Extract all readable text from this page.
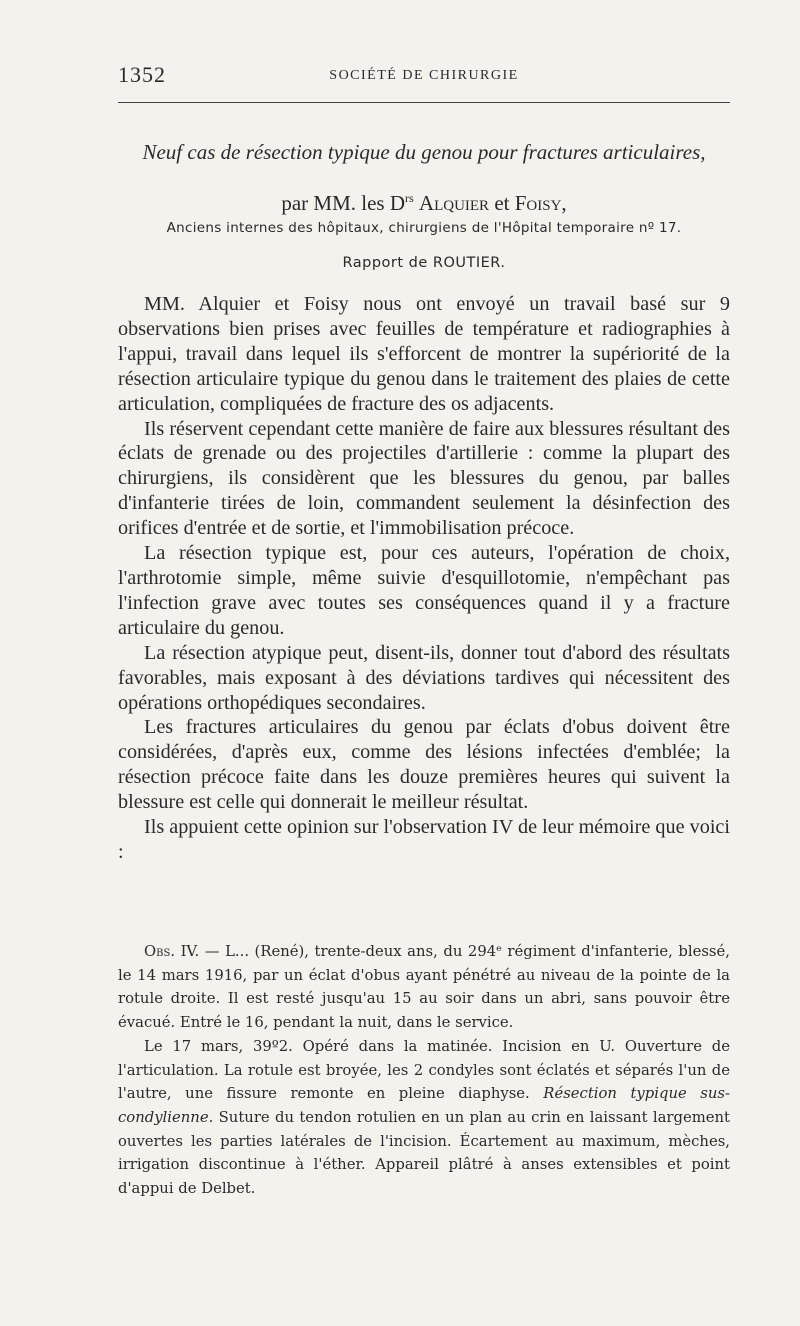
1352	SOCIÉTÉ DE CHIRURGIE
Neuf cas de résection typique du genou pour fractures articulaires,
par MM. les $D^{rs}$ Alquier et Foisy,
Anciens internes des hôpitaux, chirurgiens de l'Hôpital temporaire nº 17.
Rapport de ROUTIER.

MM. Alquier et Foisy nous ont envoyé un travail basé sur 9 observations bien prises avec feuilles de température et radiographies à l'appui, travail dans lequel ils s'efforcent de montrer la supériorité de la résection articulaire typique du genou dans le traitement des plaies de cette articulation, compliquées de fracture des os adjacents.

Ils réservent cependant cette manière de faire aux blessures résultant des éclats de grenade ou des projectiles d'artillerie : comme la plupart des chirurgiens, ils considèrent que les blessures du genou, par balles d'infanterie tirées de loin, commandent seulement la désinfection des orifices d'entrée et de sortie, et l'immobilisation précoce.

La résection typique est, pour ces auteurs, l'opération de choix, l'arthrotomie simple, même suivie d'esquillotomie, n'empêchant pas l'infection grave avec toutes ses conséquences quand il y a fracture articulaire du genou.

La résection atypique peut, disent-ils, donner tout d'abord des résultats favorables, mais exposant à des déviations tardives qui nécessitent des opérations orthopédiques secondaires.

Les fractures articulaires du genou par éclats d'obus doivent être considérées, d'après eux, comme des lésions infectées d'emblée; la résection précoce faite dans les douze premières heures qui suivent la blessure est celle qui donnerait le meilleur résultat.

Ils appuient cette opinion sur l'observation IV de leur mémoire que voici :

Obs. IV. — L... (René), trente-deux ans, du 294ᵉ régiment d'infanterie, blessé, le 14 mars 1916, par un éclat d'obus ayant pénétré au niveau de la pointe de la rotule droite. Il est resté jusqu'au 15 au soir dans un abri, sans pouvoir être évacué. Entré le 16, pendant la nuit, dans le service.

Le 17 mars, 39º2. Opéré dans la matinée. Incision en U. Ouverture de l'articulation. La rotule est broyée, les 2 condyles sont éclatés et séparés l'un de l'autre, une fissure remonte en pleine diaphyse. Résection typique sus-condylienne. Suture du tendon rotulien en un plan au crin en laissant largement ouvertes les parties latérales de l'incision. Écartement au maximum, mèches, irrigation discontinue à l'éther. Appareil plâtré à anses extensibles et point d'appui de Delbet.
